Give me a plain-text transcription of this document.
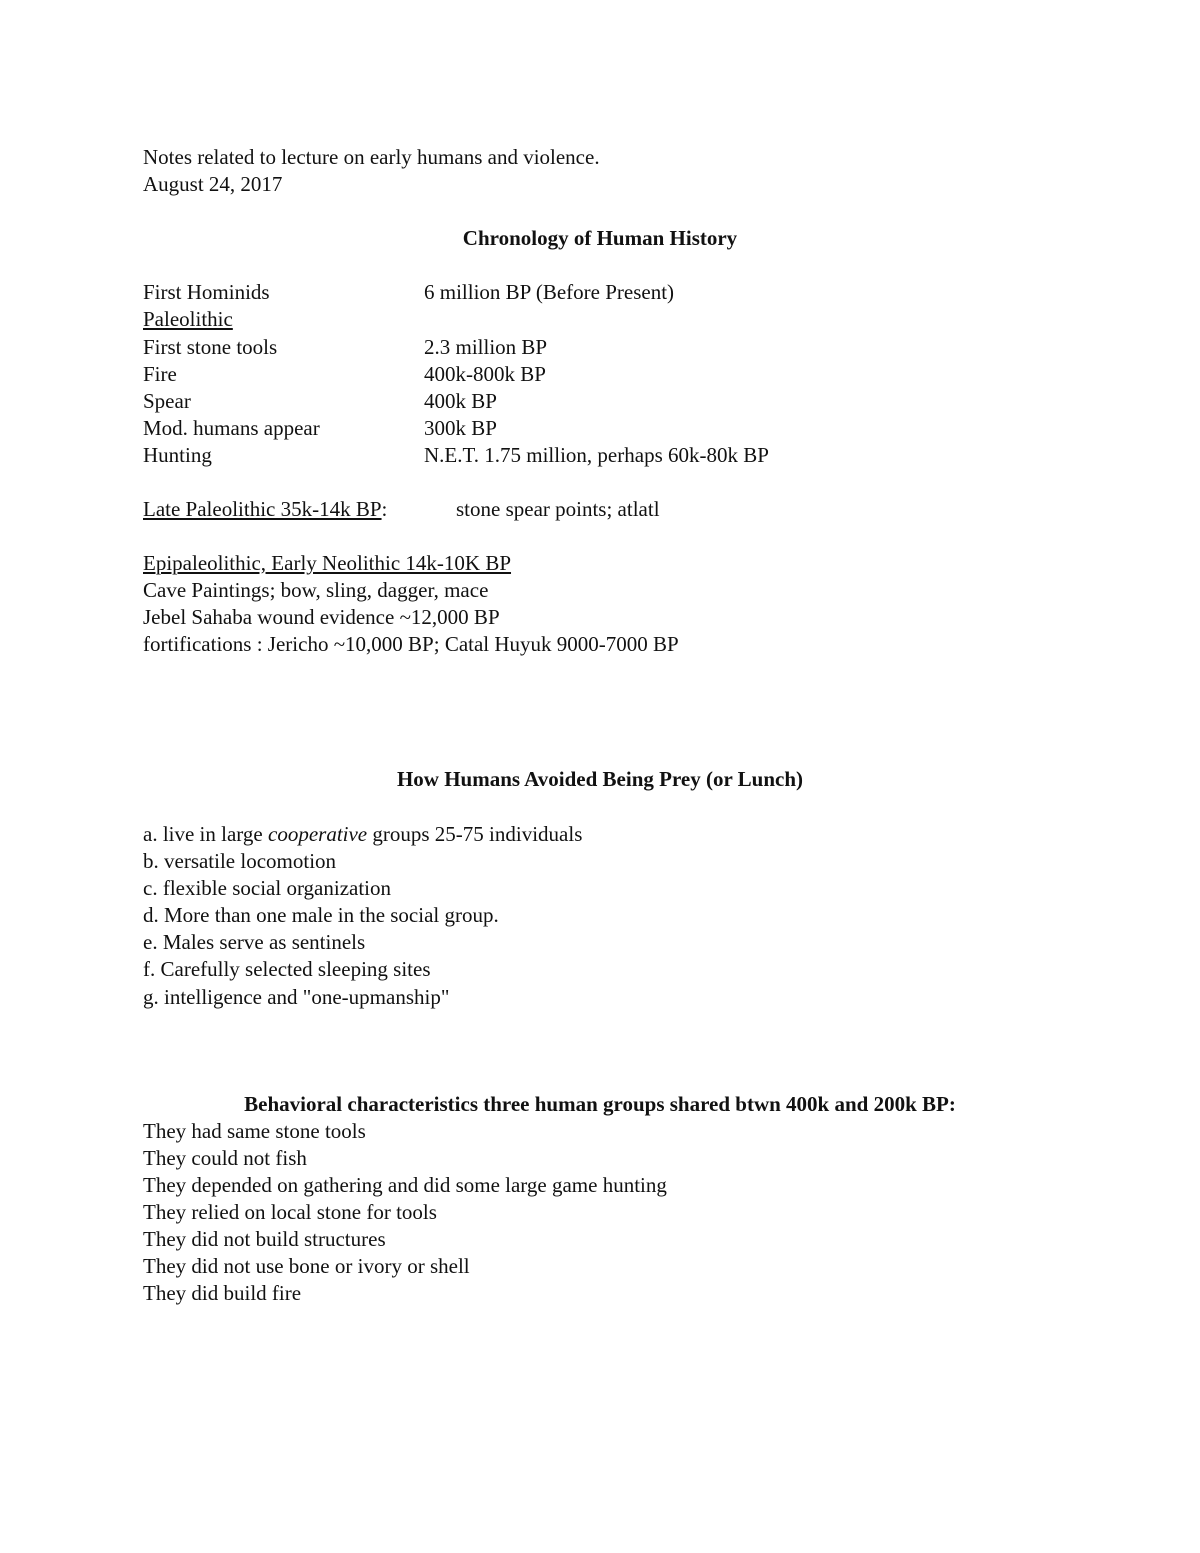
Notes related to lecture on early humans and violence.
August 24, 2017
Chronology of Human History
First Hominids	6 million BP (Before Present)
Paleolithic
First stone tools	2.3 million BP
Fire	400k-800k BP
Spear	400k BP
Mod. humans appear	300k BP
Hunting	N.E.T. 1.75 million, perhaps 60k-80k BP
Late Paleolithic 35k-14k BP:	stone spear points; atlatl
Epipaleolithic, Early Neolithic 14k-10K BP
Cave Paintings; bow, sling, dagger, mace
Jebel Sahaba wound evidence ~12,000 BP
fortifications : Jericho ~10,000 BP; Catal Huyuk 9000-7000 BP
How Humans Avoided Being Prey (or Lunch)
a. live in large cooperative groups 25-75 individuals
b. versatile locomotion
c. flexible social organization
d. More than one male in the social group.
e. Males serve as sentinels
f. Carefully selected sleeping sites
g. intelligence and "one-upmanship"
Behavioral characteristics three human groups shared btwn 400k and 200k BP:
They had same stone tools
They could not fish
They depended on gathering and did some large game hunting
They relied on local stone for tools
They did not build structures
They did not use bone or ivory or shell
They did build fire
